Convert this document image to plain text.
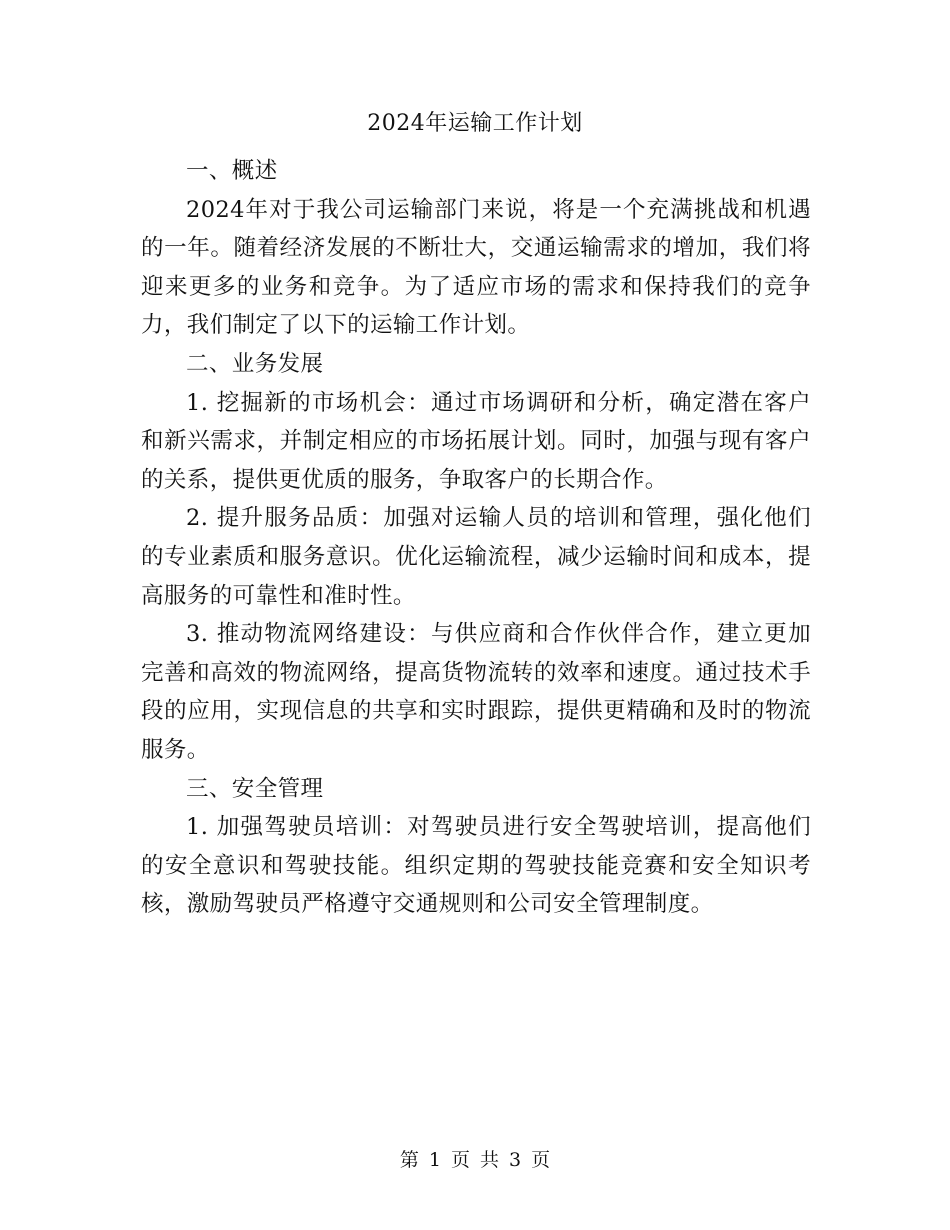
2024年运输工作计划

一、概述

2024年对于我公司运输部门来说，将是一个充满挑战和机遇的一年。随着经济发展的不断壮大，交通运输需求的增加，我们将迎来更多的业务和竞争。为了适应市场的需求和保持我们的竞争力，我们制定了以下的运输工作计划。

二、业务发展

1. 挖掘新的市场机会：通过市场调研和分析，确定潜在客户和新兴需求，并制定相应的市场拓展计划。同时，加强与现有客户的关系，提供更优质的服务，争取客户的长期合作。

2. 提升服务品质：加强对运输人员的培训和管理，强化他们的专业素质和服务意识。优化运输流程，减少运输时间和成本，提高服务的可靠性和准时性。

3. 推动物流网络建设：与供应商和合作伙伴合作，建立更加完善和高效的物流网络，提高货物流转的效率和速度。通过技术手段的应用，实现信息的共享和实时跟踪，提供更精确和及时的物流服务。

三、安全管理

1. 加强驾驶员培训：对驾驶员进行安全驾驶培训，提高他们的安全意识和驾驶技能。组织定期的驾驶技能竞赛和安全知识考核，激励驾驶员严格遵守交通规则和公司安全管理制度。

第 1 页 共 3 页
